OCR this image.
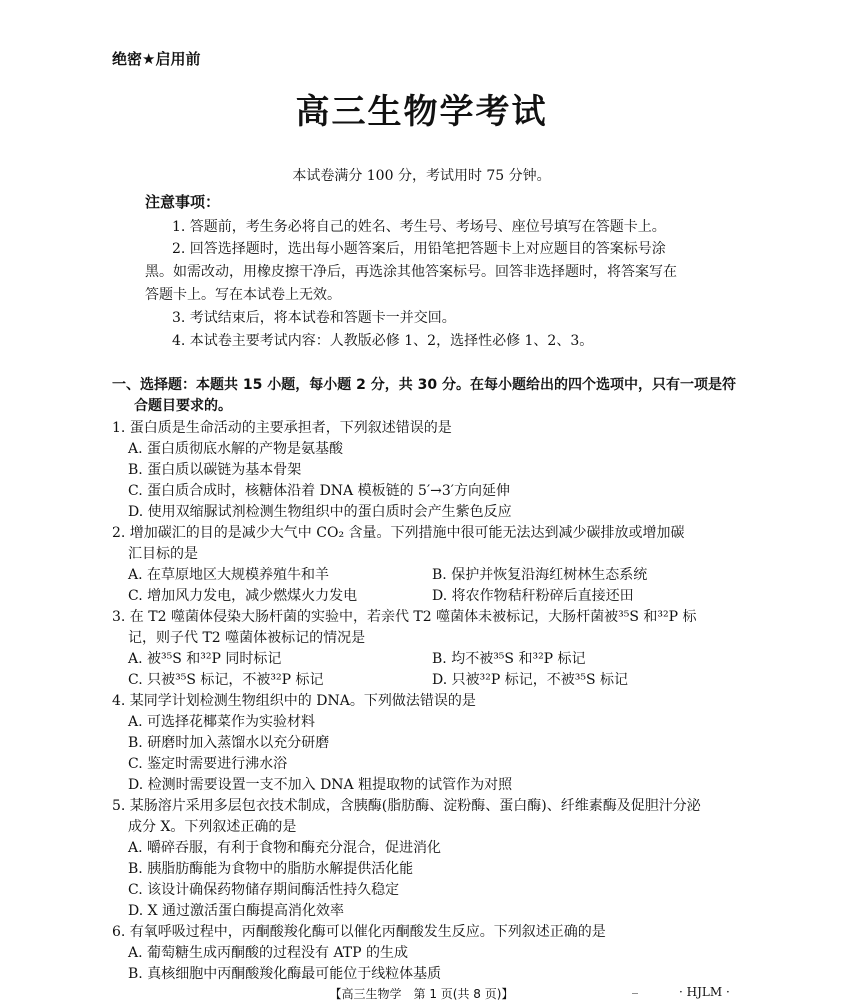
绝密★启用前
高三生物学考试
本试卷满分 100 分，考试用时 75 分钟。
注意事项：
1. 答题前，考生务必将自己的姓名、考生号、考场号、座位号填写在答题卡上。
2. 回答选择题时，选出每小题答案后，用铅笔把答题卡上对应题目的答案标号涂
黑。如需改动，用橡皮擦干净后，再选涂其他答案标号。回答非选择题时，将答案写在
答题卡上。写在本试卷上无效。
3. 考试结束后，将本试卷和答题卡一并交回。
4. 本试卷主要考试内容：人教版必修 1、2，选择性必修 1、2、3。
一、选择题：本题共 15 小题，每小题 2 分，共 30 分。在每小题给出的四个选项中，只有一项是符
合题目要求的。
1. 蛋白质是生命活动的主要承担者，下列叙述错误的是
A. 蛋白质彻底水解的产物是氨基酸
B. 蛋白质以碳链为基本骨架
C. 蛋白质合成时，核糖体沿着 DNA 模板链的 5′→3′方向延伸
D. 使用双缩脲试剂检测生物组织中的蛋白质时会产生紫色反应
2. 增加碳汇的目的是减少大气中 CO₂ 含量。下列措施中很可能无法达到减少碳排放或增加碳
汇目标的是
A. 在草原地区大规模养殖牛和羊	B. 保护并恢复沿海红树林生态系统
C. 增加风力发电，减少燃煤火力发电	D. 将农作物秸秆粉碎后直接还田
3. 在 T2 噬菌体侵染大肠杆菌的实验中，若亲代 T2 噬菌体未被标记，大肠杆菌被³⁵S 和³²P 标
记，则子代 T2 噬菌体被标记的情况是
A. 被³⁵S 和³²P 同时标记	B. 均不被³⁵S 和³²P 标记
C. 只被³⁵S 标记，不被³²P 标记	D. 只被³²P 标记，不被³⁵S 标记
4. 某同学计划检测生物组织中的 DNA。下列做法错误的是
A. 可选择花椰菜作为实验材料
B. 研磨时加入蒸馏水以充分研磨
C. 鉴定时需要进行沸水浴
D. 检测时需要设置一支不加入 DNA 粗提取物的试管作为对照
5. 某肠溶片采用多层包衣技术制成，含胰酶(脂肪酶、淀粉酶、蛋白酶)、纤维素酶及促胆汁分泌
成分 X。下列叙述正确的是
A. 嚼碎吞服，有利于食物和酶充分混合，促进消化
B. 胰脂肪酶能为食物中的脂肪水解提供活化能
C. 该设计确保药物储存期间酶活性持久稳定
D. X 通过激活蛋白酶提高消化效率
6. 有氧呼吸过程中，丙酮酸羧化酶可以催化丙酮酸发生反应。下列叙述正确的是
A. 葡萄糖生成丙酮酸的过程没有 ATP 的生成
B. 真核细胞中丙酮酸羧化酶最可能位于线粒体基质
【高三生物学　第 1 页(共 8 页)】	_	· HJLM ·
